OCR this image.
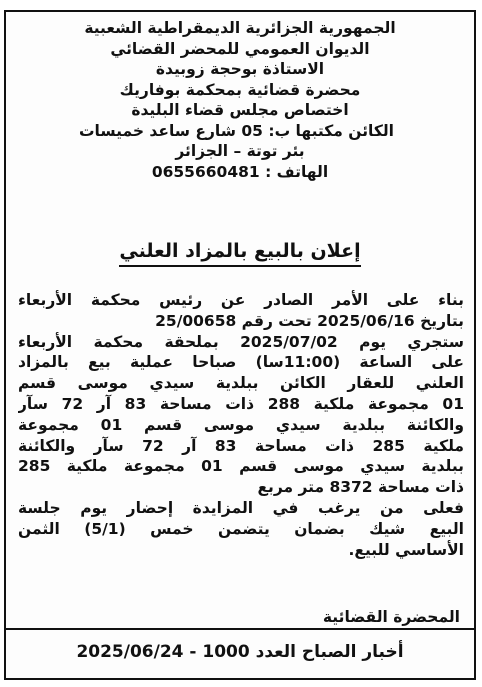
الجمهورية الجزائرية الديمقراطية الشعبية
الديوان العمومي للمحضر القضائي
الاستاذة بوحجة زوبيدة
محضرة قضائية بمحكمة بوفاريك
اختصاص مجلس قضاء البليدة
الكائن مكتبها ب: 05 شارع ساعد خميسات
بئر توتة – الجزائر
الهاتف : 0655660481
إعلان بالبيع بالمزاد العلني
بناء على الأمر الصادر عن رئيس محكمة الأربعاء
بتاريخ 2025/06/16 تحت رقم 25/00658
ستجري يوم 2025/07/02 بملحقة محكمة الأربعاء
على الساعة (11:00سا) صباحا عملية بيع بالمزاد
العلني للعقار الكائن ببلدية سيدي موسى قسم
01 مجموعة ملكية 288 ذات مساحة 83 آر 72 سآر
والكائنة ببلدية سيدي موسى قسم 01 مجموعة
ملكية 285 ذات مساحة 83 آر 72 سآر والكائنة
ببلدية سيدي موسى قسم 01 مجموعة ملكية 285
ذات مساحة 8372 متر مربع
فعلى من يرغب في المزايدة إحضار يوم جلسة
البيع شيك بضمان يتضمن خمس (5/1) الثمن
الأساسي للبيع.
المحضرة القضائية
أخبار الصباح العدد 1000 - 2025/06/24
